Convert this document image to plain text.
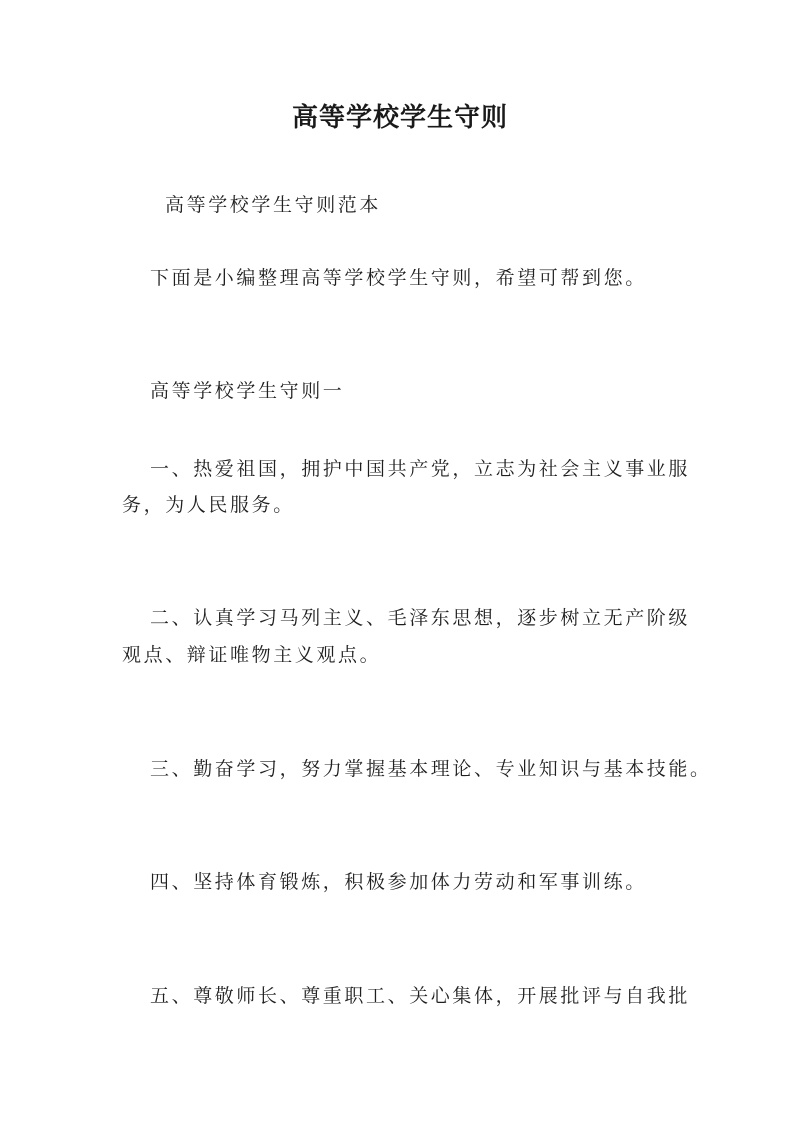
高等学校学生守则
高等学校学生守则范本
下面是小编整理高等学校学生守则，希望可帮到您。
高等学校学生守则一
一、热爱祖国，拥护中国共产党，立志为社会主义事业服
务，为人民服务。
二、认真学习马列主义、毛泽东思想，逐步树立无产阶级
观点、辩证唯物主义观点。
三、勤奋学习，努力掌握基本理论、专业知识与基本技能。
四、坚持体育锻炼，积极参加体力劳动和军事训练。
五、尊敬师长、尊重职工、关心集体，开展批评与自我批
